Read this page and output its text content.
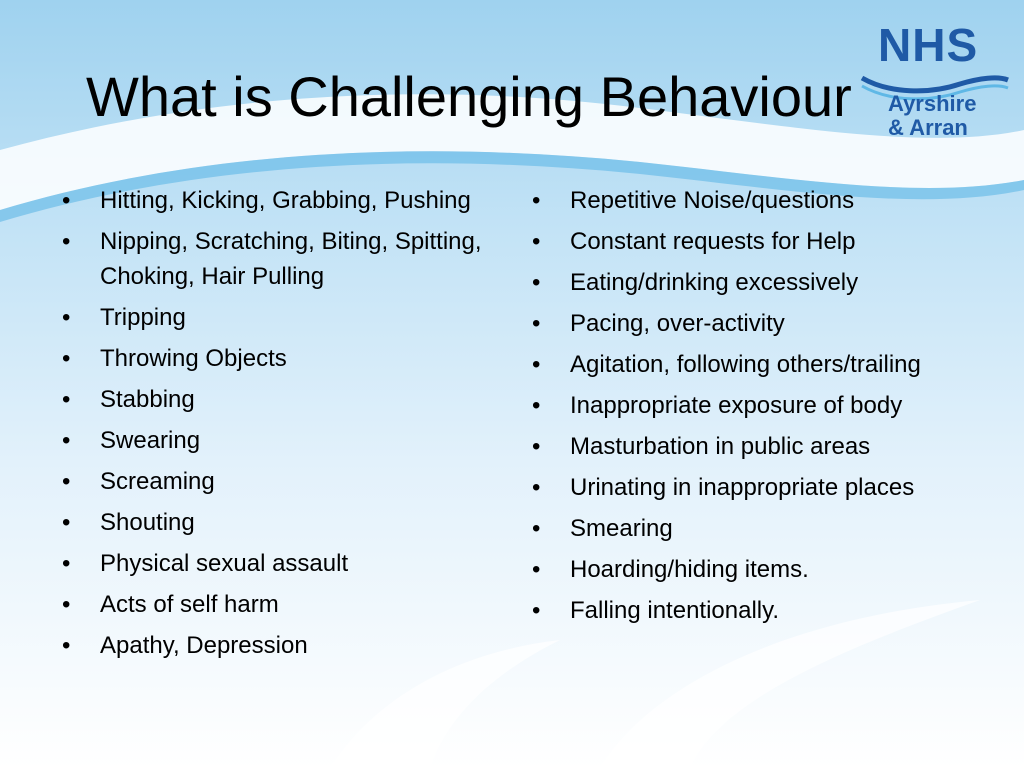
NHS
Ayrshire
& Arran
What is Challenging Behaviour
•	Hitting, Kicking, Grabbing, Pushing
•	Nipping, Scratching, Biting, Spitting, Choking, Hair Pulling
•	Tripping
•	Throwing Objects
•	Stabbing
•	Swearing
•	Screaming
•	Shouting
•	Physical sexual assault
•	Acts of self harm
•	Apathy, Depression
•	Repetitive Noise/questions
•	Constant requests for Help
•	Eating/drinking excessively
•	Pacing, over-activity
•	Agitation, following others/trailing
•	Inappropriate exposure of body
•	Masturbation in public areas
•	Urinating in inappropriate places
•	Smearing
•	Hoarding/hiding items.
•	Falling intentionally.
